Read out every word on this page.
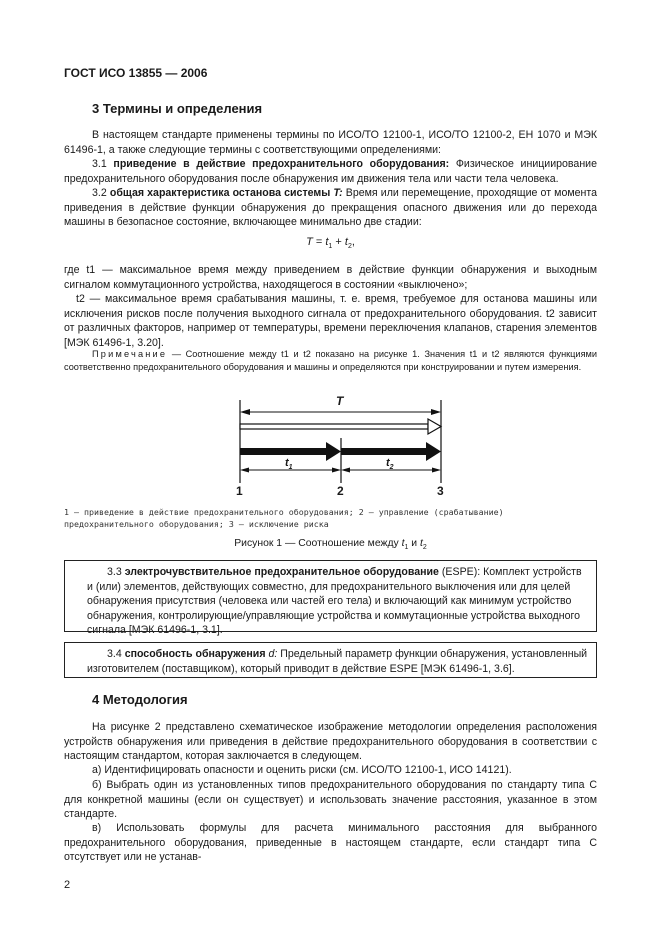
ГОСТ ИСО 13855 — 2006
3 Термины и определения

В настоящем стандарте применены термины по ИСО/ТО 12100-1, ИСО/ТО 12100-2, ЕН 1070 и МЭК 61496-1, а также следующие термины с соответствующими определениями:

3.1 приведение в действие предохранительного оборудования: Физическое инициирование предохранительного оборудования после обнаружения им движения тела или части тела человека.

3.2 общая характеристика останова системы T: Время или перемещение, проходящие от момента приведения в действие функции обнаружения до прекращения опасного движения или до перехода машины в безопасное состояние, включающее минимально две стадии:

$T = t_1 + t_2$,

где t1 — максимальное время между приведением в действие функции обнаружения и выходным сигналом коммутационного устройства, находящегося в состоянии «выключено»;

t2 — максимальное время срабатывания машины, т. е. время, требуемое для останова машины или исключения рисков после получения выходного сигнала от предохранительного оборудования. t2 зависит от различных факторов, например от температуры, времени переключения клапанов, старения элементов [МЭК 61496-1, 3.20].

Примечание — Соотношение между t1 и t2 показано на рисунке 1. Значения t1 и t2 являются функциями соответственно предохранительного оборудования и машины и определяются при конструировании и путем измерения.
T
$t_1$	$t_2$
1	2	3
1 — приведение в действие предохранительного оборудования; 2 — управление (срабатывание) предохранительного оборудования; 3 — исключение риска
Рисунок 1 — Соотношение между $t_1$ и $t_2$
3.3 электрочувствительное предохранительное оборудование (ESPE): Комплект устройств и (или) элементов, действующих совместно, для предохранительного выключения или для целей обнаружения присутствия (человека или частей его тела) и включающий как минимум устройство обнаружения, контролирующие/управляющие устройства и коммутационные устройства выходного сигнала [МЭК 61496-1, 3.1].
3.4 способность обнаружения d: Предельный параметр функции обнаружения, установленный изготовителем (поставщиком), который приводит в действие ESPE [МЭК 61496-1, 3.6].
4 Методология

На рисунке 2 представлено схематическое изображение методологии определения расположения устройств обнаружения или приведения в действие предохранительного оборудования в соответствии с настоящим стандартом, которая заключается в следующем.

а) Идентифицировать опасности и оценить риски (см. ИСО/ТО 12100-1, ИСО 14121).

б) Выбрать один из установленных типов предохранительного оборудования по стандарту типа С для конкретной машины (если он существует) и использовать значение расстояния, указанное в этом стандарте.

в) Использовать формулы для расчета минимального расстояния для выбранного предохранительного оборудования, приведенные в настоящем стандарте, если стандарт типа С отсутствует или не устанав-

2
